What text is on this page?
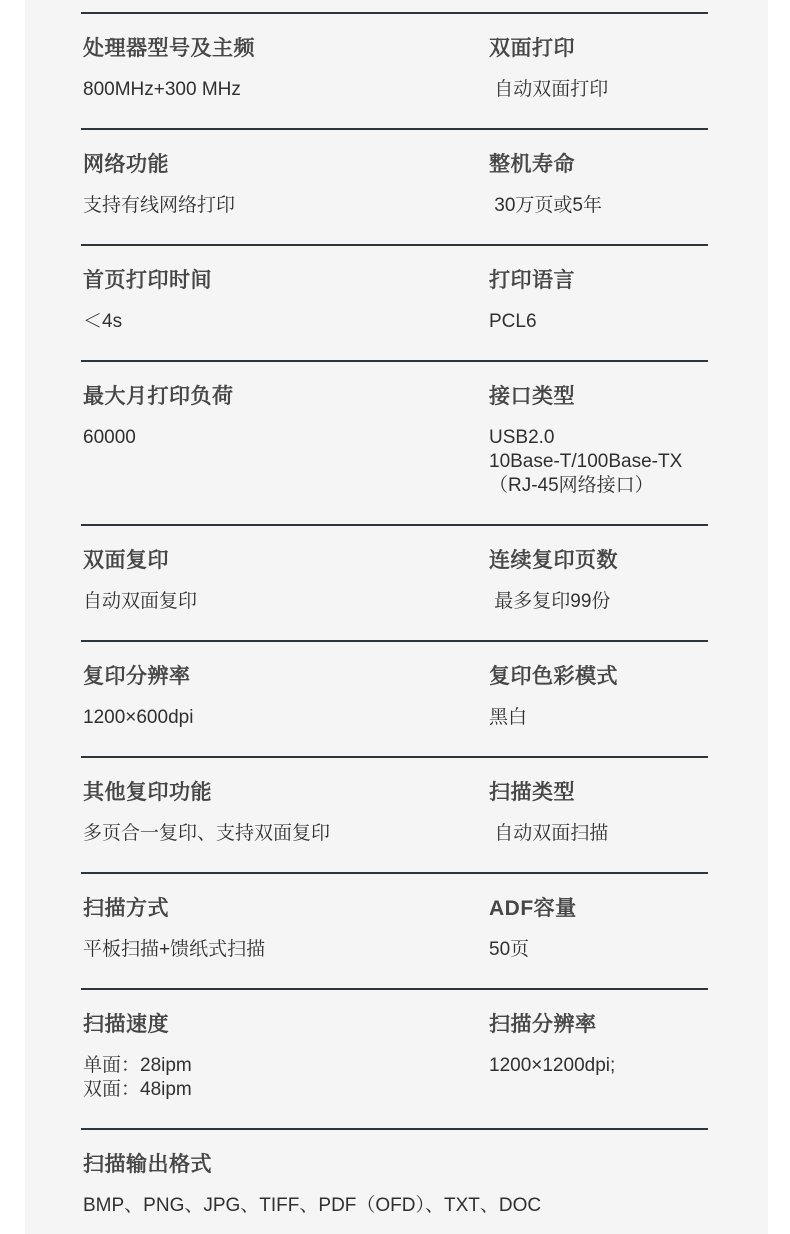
处理器型号及主频
800MHz+300 MHz
双面打印
自动双面打印
网络功能
支持有线网络打印
整机寿命
30万页或5年
首页打印时间
＜4s
打印语言
PCL6
最大月打印负荷
60000
接口类型
USB2.0
10Base-T/100Base-TX
（RJ-45网络接口）
双面复印
自动双面复印
连续复印页数
最多复印99份
复印分辨率
1200×600dpi
复印色彩模式
黑白
其他复印功能
多页合一复印、支持双面复印
扫描类型
自动双面扫描
扫描方式
平板扫描+馈纸式扫描
ADF容量
50页
扫描速度
单面：28ipm
双面：48ipm
扫描分辨率
1200×1200dpi;
扫描输出格式
BMP、PNG、JPG、TIFF、PDF（OFD）、TXT、DOC
